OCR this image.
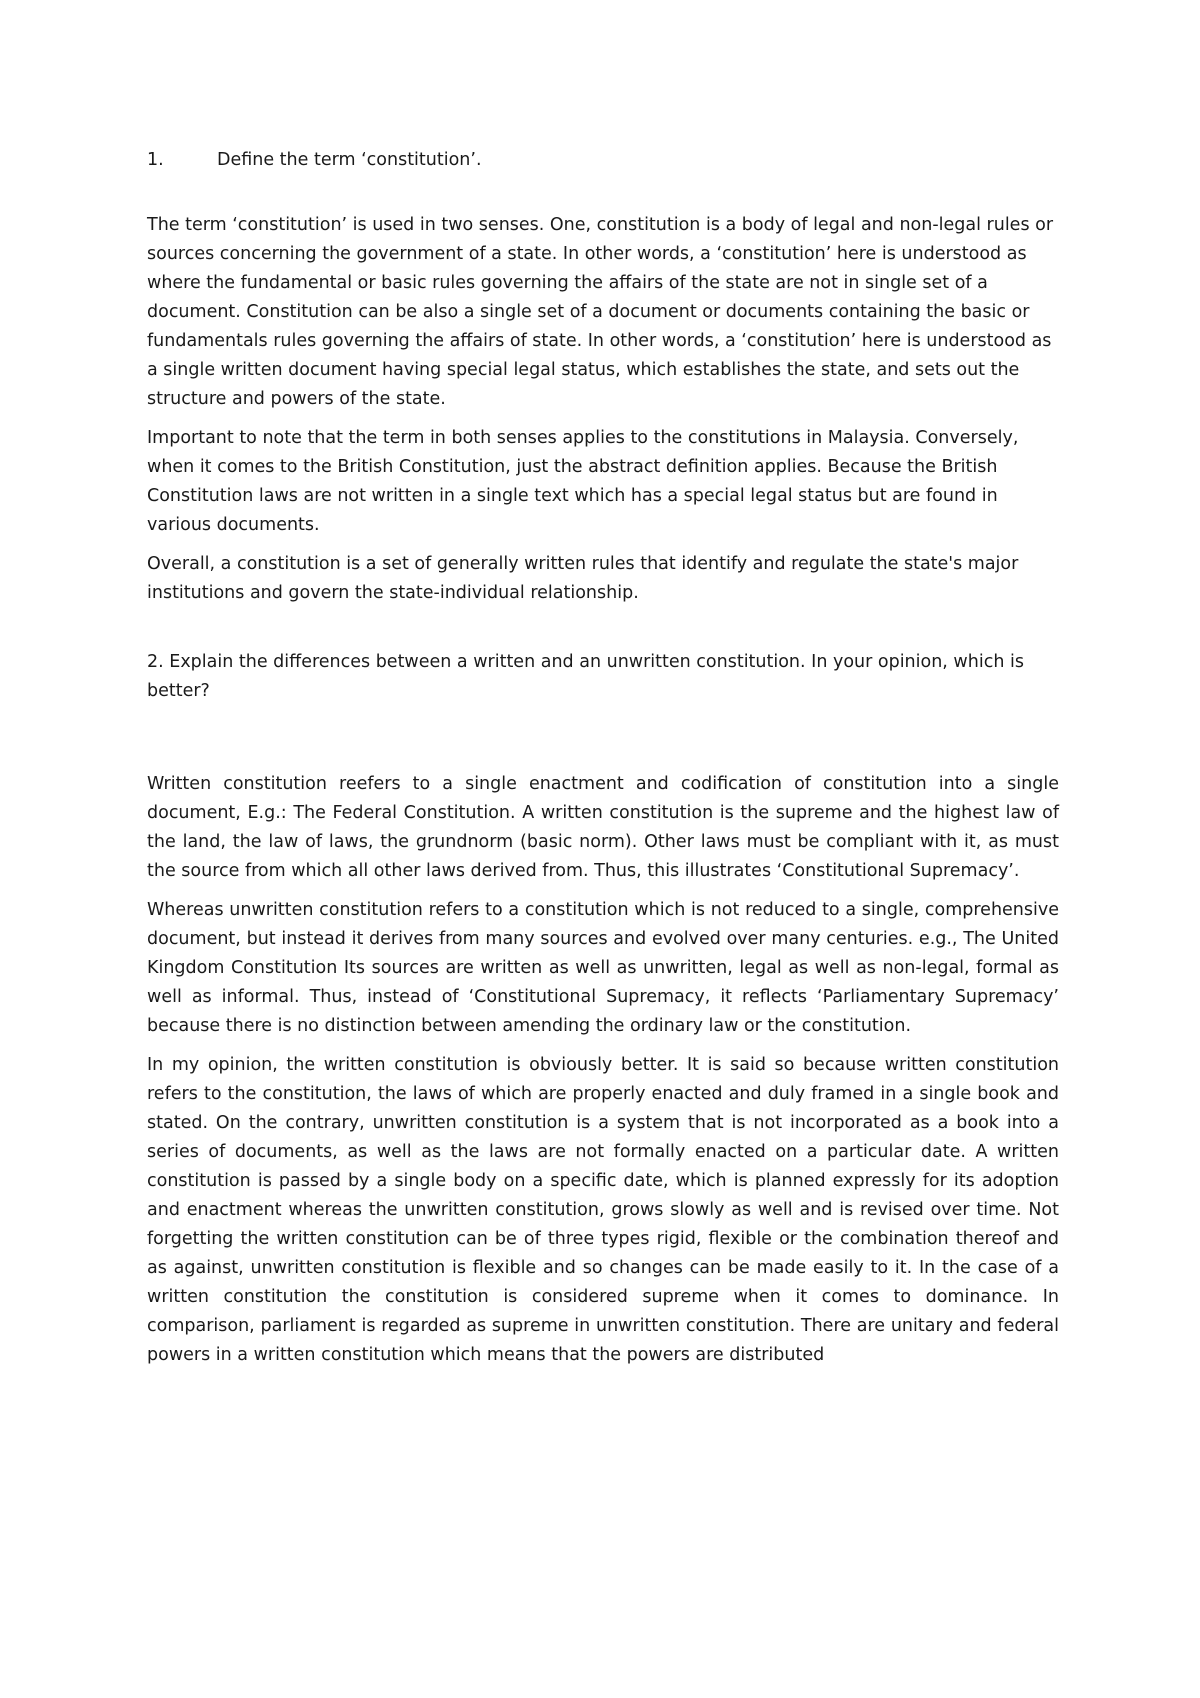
1.	Define the term ‘constitution’.

The term ‘constitution’ is used in two senses. One, constitution is a body of legal and non-legal rules or sources concerning the government of a state. In other words, a ‘constitution’ here is understood as where the fundamental or basic rules governing the affairs of the state are not in single set of a document. Constitution can be also a single set of a document or documents containing the basic or fundamentals rules governing the affairs of state. In other words, a ‘constitution’ here is understood as a single written document having special legal status, which establishes the state, and sets out the structure and powers of the state.

Important to note that the term in both senses applies to the constitutions in Malaysia. Conversely, when it comes to the British Constitution, just the abstract definition applies. Because the British Constitution laws are not written in a single text which has a special legal status but are found in various documents.

Overall, a constitution is a set of generally written rules that identify and regulate the state's major institutions and govern the state-individual relationship.

2. Explain the differences between a written and an unwritten constitution. In your opinion, which is better?

Written constitution reefers to a single enactment and codification of constitution into a single document, E.g.: The Federal Constitution. A written constitution is the supreme and the highest law of the land, the law of laws, the grundnorm (basic norm). Other laws must be compliant with it, as must the source from which all other laws derived from. Thus, this illustrates ‘Constitutional Supremacy’.

Whereas unwritten constitution refers to a constitution which is not reduced to a single, comprehensive document, but instead it derives from many sources and evolved over many centuries. e.g., The United Kingdom Constitution Its sources are written as well as unwritten, legal as well as non-legal, formal as well as informal. Thus, instead of ‘Constitutional Supremacy, it reflects ‘Parliamentary Supremacy’ because there is no distinction between amending the ordinary law or the constitution.

In my opinion, the written constitution is obviously better. It is said so because written constitution refers to the constitution, the laws of which are properly enacted and duly framed in a single book and stated. On the contrary, unwritten constitution is a system that is not incorporated as a book into a series of documents, as well as the laws are not formally enacted on a particular date. A written constitution is passed by a single body on a specific date, which is planned expressly for its adoption and enactment whereas the unwritten constitution, grows slowly as well and is revised over time. Not forgetting the written constitution can be of three types rigid, flexible or the combination thereof and as against, unwritten constitution is flexible and so changes can be made easily to it. In the case of a written constitution the constitution is considered supreme when it comes to dominance. In comparison, parliament is regarded as supreme in unwritten constitution. There are unitary and federal powers in a written constitution which means that the powers are distributed
